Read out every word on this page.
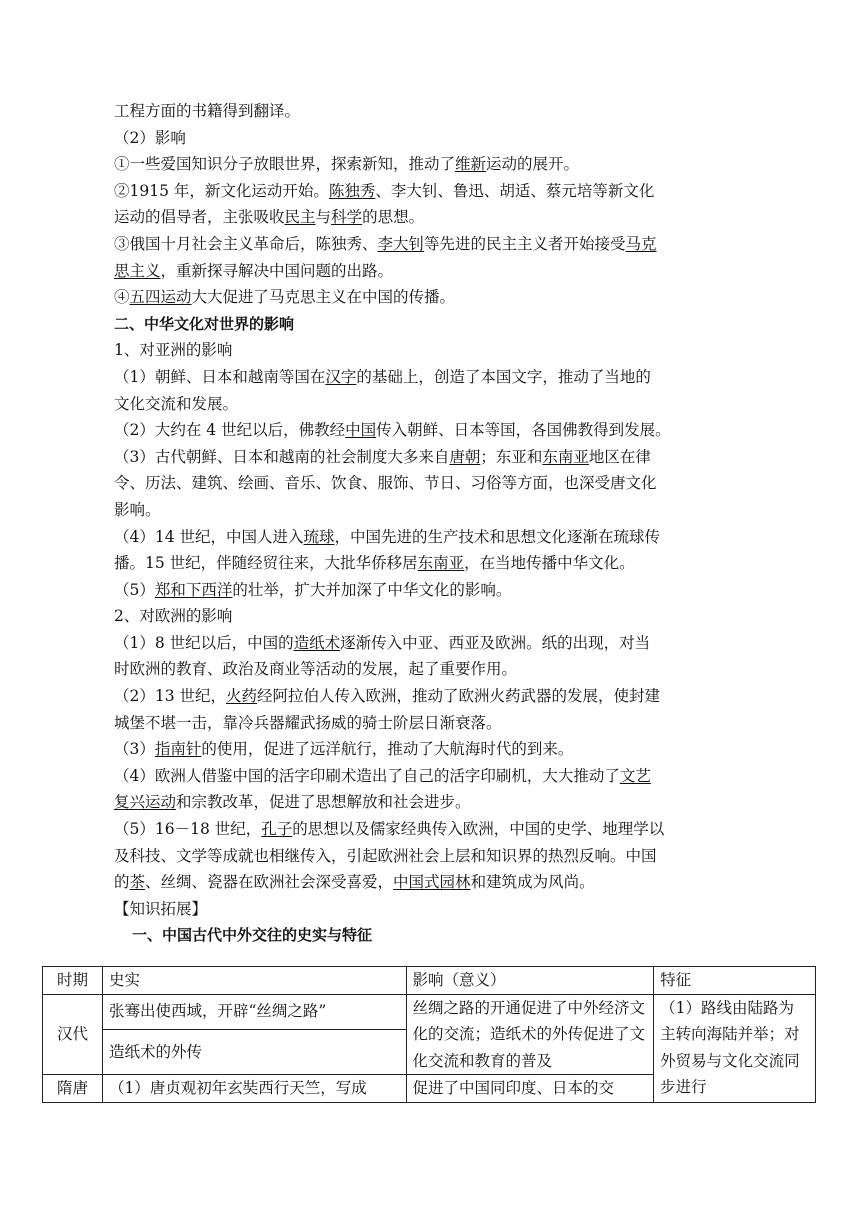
工程方面的书籍得到翻译。
（2）影响
①一些爱国知识分子放眼世界，探索新知，推动了维新运动的展开。
②1915 年，新文化运动开始。陈独秀、李大钊、鲁迅、胡适、蔡元培等新文化
运动的倡导者，主张吸收民主与科学的思想。
③俄国十月社会主义革命后，陈独秀、李大钊等先进的民主主义者开始接受马克
思主义，重新探寻解决中国问题的出路。
④五四运动大大促进了马克思主义在中国的传播。
二、中华文化对世界的影响
1、对亚洲的影响
（1）朝鲜、日本和越南等国在汉字的基础上，创造了本国文字，推动了当地的
文化交流和发展。
（2）大约在 4 世纪以后，佛教经中国传入朝鲜、日本等国，各国佛教得到发展。
（3）古代朝鲜、日本和越南的社会制度大多来自唐朝；东亚和东南亚地区在律
令、历法、建筑、绘画、音乐、饮食、服饰、节日、习俗等方面，也深受唐文化
影响。
（4）14 世纪，中国人进入琉球，中国先进的生产技术和思想文化逐渐在琉球传
播。15 世纪，伴随经贸往来，大批华侨移居东南亚，在当地传播中华文化。
（5）郑和下西洋的壮举，扩大并加深了中华文化的影响。
2、对欧洲的影响
（1）8 世纪以后，中国的造纸术逐渐传入中亚、西亚及欧洲。纸的出现，对当
时欧洲的教育、政治及商业等活动的发展，起了重要作用。
（2）13 世纪，火药经阿拉伯人传入欧洲，推动了欧洲火药武器的发展，使封建
城堡不堪一击，靠冷兵器耀武扬威的骑士阶层日渐衰落。
（3）指南针的使用，促进了远洋航行，推动了大航海时代的到来。
（4）欧洲人借鉴中国的活字印刷术造出了自己的活字印刷机，大大推动了文艺
复兴运动和宗教改革，促进了思想解放和社会进步。
（5）16－18 世纪，孔子的思想以及儒家经典传入欧洲，中国的史学、地理学以
及科技、文学等成就也相继传入，引起欧洲社会上层和知识界的热烈反响。中国
的茶、丝绸、瓷器在欧洲社会深受喜爱，中国式园林和建筑成为风尚。
【知识拓展】
一、中国古代中外交往的史实与特征
时期	史实	影响（意义）	特征
汉代	张骞出使西域，开辟“丝绸之路”	丝绸之路的开通促进了中外经济文化的交流；造纸术的外传促进了文化交流和教育的普及	（1）路线由陆路为主转向海陆并举；对外贸易与文化交流同步进行
	造纸术的外传		
隋唐	（1）唐贞观初年玄奘西行天竺，写成	促进了中国同印度、日本的交	
